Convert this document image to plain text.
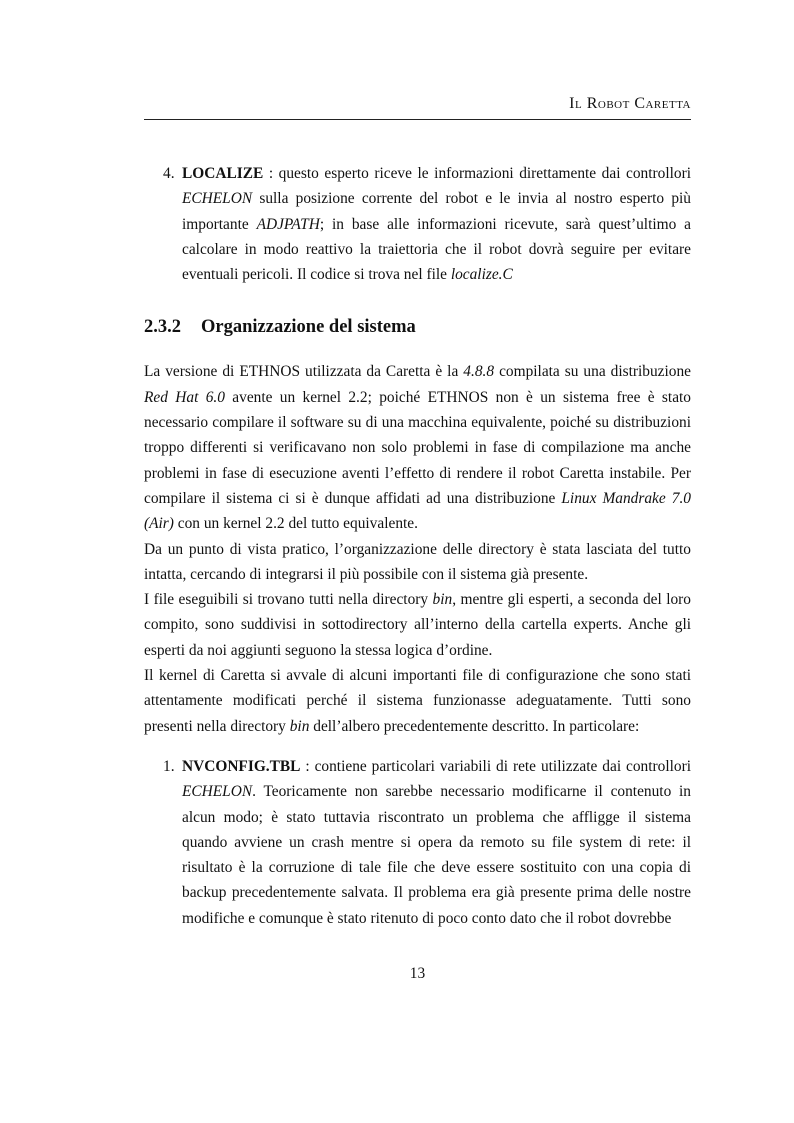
Il Robot Caretta
4. LOCALIZE : questo esperto riceve le informazioni direttamente dai controllori ECHELON sulla posizione corrente del robot e le invia al nostro esperto più importante ADJPATH; in base alle informazioni ricevute, sarà quest’ultimo a calcolare in modo reattivo la traiettoria che il robot dovrà seguire per evitare eventuali pericoli. Il codice si trova nel file localize.C

2.3.2 Organizzazione del sistema

La versione di ETHNOS utilizzata da Caretta è la 4.8.8 compilata su una distribuzione Red Hat 6.0 avente un kernel 2.2; poiché ETHNOS non è un sistema free è stato necessario compilare il software su di una macchina equivalente, poiché su distribuzioni troppo differenti si verificavano non solo problemi in fase di compilazione ma anche problemi in fase di esecuzione aventi l’effetto di rendere il robot Caretta instabile. Per compilare il sistema ci si è dunque affidati ad una distribuzione Linux Mandrake 7.0 (Air) con un kernel 2.2 del tutto equivalente.

Da un punto di vista pratico, l’organizzazione delle directory è stata lasciata del tutto intatta, cercando di integrarsi il più possibile con il sistema già presente.

I file eseguibili si trovano tutti nella directory bin, mentre gli esperti, a seconda del loro compito, sono suddivisi in sottodirectory all’interno della cartella experts. Anche gli esperti da noi aggiunti seguono la stessa logica d’ordine.

Il kernel di Caretta si avvale di alcuni importanti file di configurazione che sono stati attentamente modificati perché il sistema funzionasse adeguatamente. Tutti sono presenti nella directory bin dell’albero precedentemente descritto. In particolare:

1. NVCONFIG.TBL : contiene particolari variabili di rete utilizzate dai controllori ECHELON. Teoricamente non sarebbe necessario modificarne il contenuto in alcun modo; è stato tuttavia riscontrato un problema che affligge il sistema quando avviene un crash mentre si opera da remoto su file system di rete: il risultato è la corruzione di tale file che deve essere sostituito con una copia di backup precedentemente salvata. Il problema era già presente prima delle nostre modifiche e comunque è stato ritenuto di poco conto dato che il robot dovrebbe

13
